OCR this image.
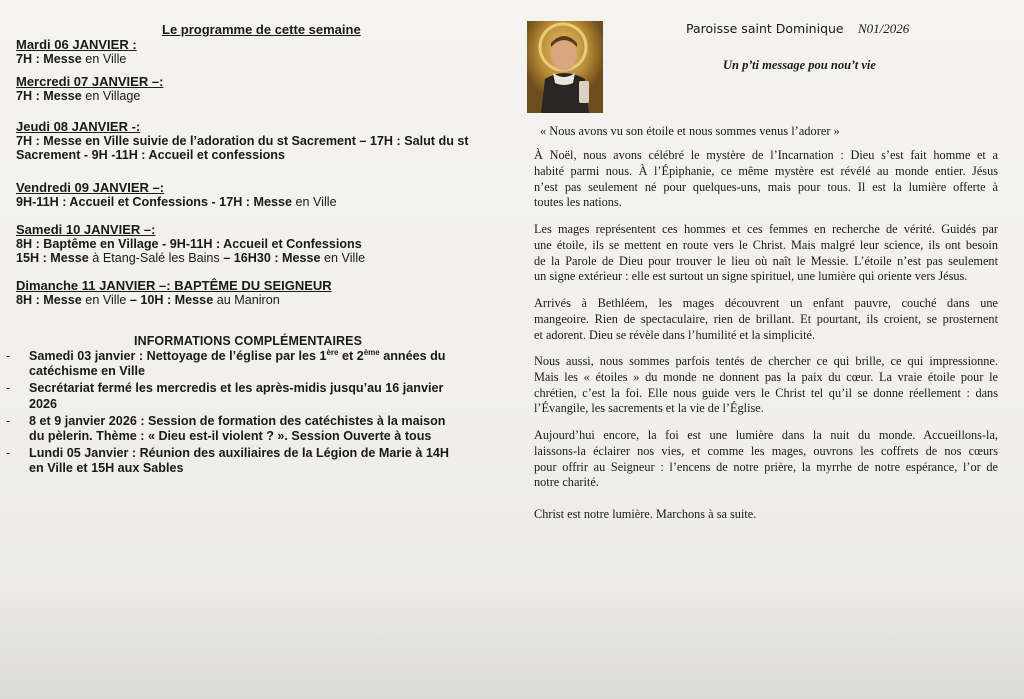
Le programme de cette semaine
Mardi 06 JANVIER :
7H : Messe en Ville
Mercredi 07 JANVIER –:
7H : Messe en Village
Jeudi 08 JANVIER -:
7H : Messe en Ville suivie de l’adoration du st Sacrement – 17H : Salut du st
Sacrement - 9H -11H : Accueil et confessions
Vendredi 09 JANVIER –:
9H-11H : Accueil et Confessions - 17H : Messe en Ville
Samedi 10 JANVIER –:
8H : Baptême en Village - 9H-11H : Accueil et Confessions
15H : Messe à Etang-Salé les Bains – 16H30 : Messe en Ville
Dimanche 11 JANVIER –: BAPTÊME DU SEIGNEUR
8H : Messe en Ville – 10H : Messe au Maniron
INFORMATIONS COMPLÉMENTAIRES
- Samedi 03 janvier : Nettoyage de l’église par les 1ère et 2ème années du
catéchisme en Ville
- Secrétariat fermé les mercredis et les après-midis jusqu’au 16 janvier
2026
- 8 et 9 janvier 2026 : Session de formation des catéchistes à la maison
du pèlerin. Thème : « Dieu est-il violent ? ». Session Ouverte à tous
- Lundi 05 Janvier : Réunion des auxiliaires de la Légion de Marie à 14H
en Ville et 15H aux Sables
Paroisse saint Dominique N01/2026
Un p’ti message pou nou’t vie
« Nous avons vu son étoile et nous sommes venus l’adorer »

À Noël, nous avons célébré le mystère de l’Incarnation : Dieu s’est fait homme et a
habité parmi nous. À l’Épiphanie, ce même mystère est révélé au monde entier. Jésus
n’est pas seulement né pour quelques-uns, mais pour tous. Il est la lumière offerte à
toutes les nations.

Les mages représentent ces hommes et ces femmes en recherche de vérité. Guidés par
une étoile, ils se mettent en route vers le Christ. Mais malgré leur science, ils ont besoin
de la Parole de Dieu pour trouver le lieu où naît le Messie. L’étoile n’est pas seulement
un signe extérieur : elle est surtout un signe spirituel, une lumière qui oriente vers Jésus.

Arrivés à Bethléem, les mages découvrent un enfant pauvre, couché dans une
mangeoire. Rien de spectaculaire, rien de brillant. Et pourtant, ils croient, se prosternent
et adorent. Dieu se révèle dans l’humilité et la simplicité.

Nous aussi, nous sommes parfois tentés de chercher ce qui brille, ce qui impressionne.
Mais les « étoiles » du monde ne donnent pas la paix du cœur. La vraie étoile pour le
chrétien, c’est la foi. Elle nous guide vers le Christ tel qu’il se donne réellement : dans
l’Évangile, les sacrements et la vie de l’Église.

Aujourd’hui encore, la foi est une lumière dans la nuit du monde. Accueillons-la,
laissons-la éclairer nos vies, et comme les mages, ouvrons les coffrets de nos cœurs
pour offrir au Seigneur : l’encens de notre prière, la myrrhe de notre espérance, l’or de
notre charité.

Christ est notre lumière. Marchons à sa suite.
